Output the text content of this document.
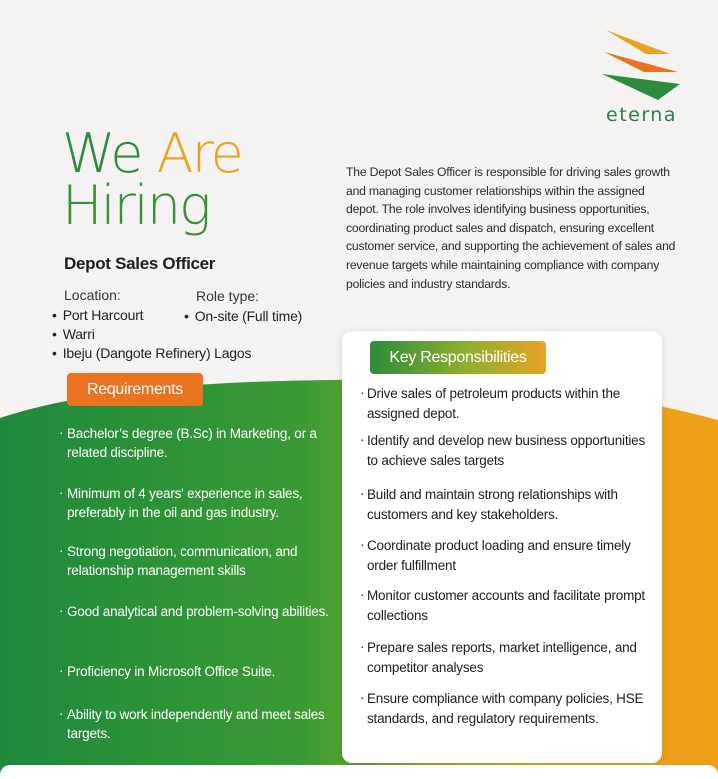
eterna
We Are
Hiring
Depot Sales Officer
Location:
• Port Harcourt
• Warri
• Ibeju (Dangote Refinery) Lagos
Role type:
• On-site (Full time)
The Depot Sales Officer is responsible for driving sales growth and managing customer relationships within the assigned depot. The role involves identifying business opportunities, coordinating product sales and dispatch, ensuring excellent customer service, and supporting the achievement of sales and revenue targets while maintaining compliance with company policies and industry standards.
Requirements
· Bachelor’s degree (B.Sc) in Marketing, or a related discipline.
· Minimum of 4 years' experience in sales, preferably in the oil and gas industry.
· Strong negotiation, communication, and relationship management skills
· Good analytical and problem-solving abilities.
· Proficiency in Microsoft Office Suite.
· Ability to work independently and meet sales targets.
Key Responsibilities
· Drive sales of petroleum products within the assigned depot.
· Identify and develop new business opportunities to achieve sales targets
· Build and maintain strong relationships with customers and key stakeholders.
· Coordinate product loading and ensure timely order fulfillment
· Monitor customer accounts and facilitate prompt collections
· Prepare sales reports, market intelligence, and competitor analyses
· Ensure compliance with company policies, HSE standards, and regulatory requirements.
